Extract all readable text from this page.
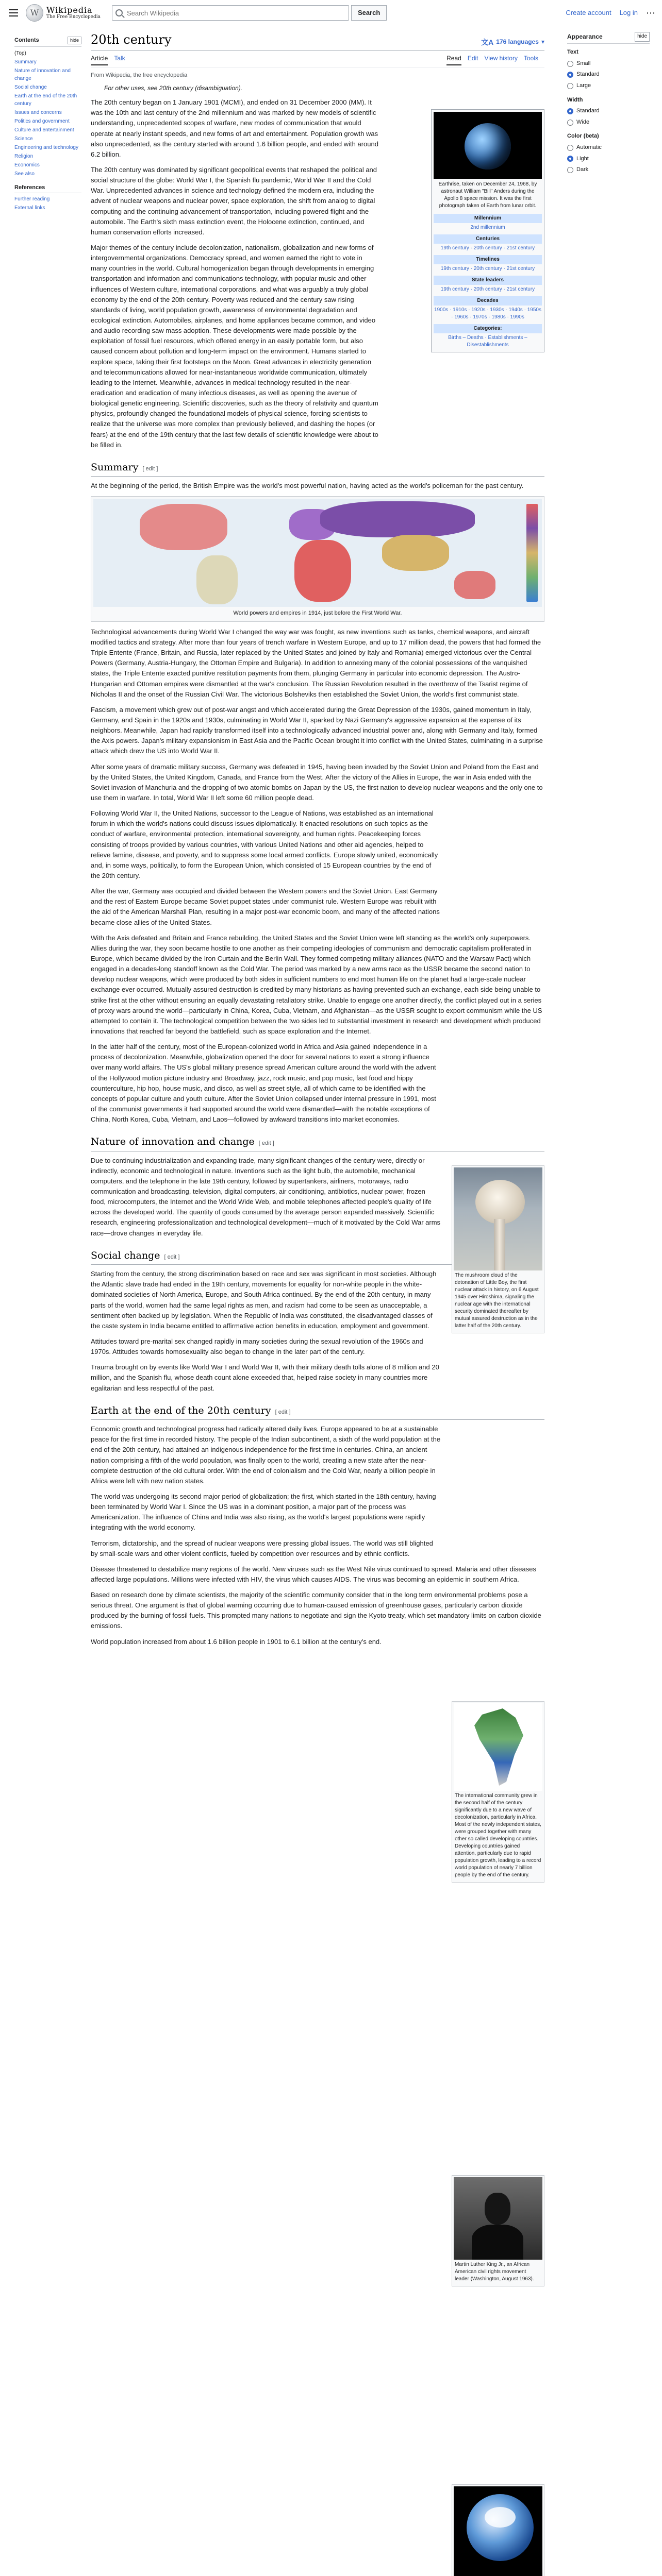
W Wikipedia
The Free Encyclopedia
Search Wikipedia
Search	Create account Log in ⋯
Contents	hide
(Top)
Summary
Nature of innovation and change
Social change
Earth at the end of the 20th century
Issues and concerns
Politics and government
Culture and entertainment
Science
Engineering and technology
Religion
Economics
See also
References
Further reading
External links
Appearance	hide
Text
Small
Standard
Large
Width
Standard
Wide
Color (beta)
Automatic
Light
Dark
20th century	文A 176 languages ▾
Article Talk	Read Edit View history Tools
From Wikipedia, the free encyclopedia
For other uses, see 20th century (disambiguation).

The 20th century began on 1 January 1901 (MCMI), and ended on 31 December 2000 (MM). It was the 10th and last century of the 2nd millennium and was marked by new models of scientific understanding, unprecedented scopes of warfare, new modes of communication that would operate at nearly instant speeds, and new forms of art and entertainment. Population growth was also unprecedented, as the century started with around 1.6 billion people, and ended with around 6.2 billion.

The 20th century was dominated by significant geopolitical events that reshaped the political and social structure of the globe: World War I, the Spanish flu pandemic, World War II and the Cold War. Unprecedented advances in science and technology defined the modern era, including the advent of nuclear weapons and nuclear power, space exploration, the shift from analog to digital computing and the continuing advancement of transportation, including powered flight and the automobile. The Earth's sixth mass extinction event, the Holocene extinction, continued, and human conservation efforts increased.

Major themes of the century include decolonization, nationalism, globalization and new forms of intergovernmental organizations. Democracy spread, and women earned the right to vote in many countries in the world. Cultural homogenization began through developments in emerging transportation and information and communications technology, with popular music and other influences of Western culture, international corporations, and what was arguably a truly global economy by the end of the 20th century. Poverty was reduced and the century saw rising standards of living, world population growth, awareness of environmental degradation and ecological extinction. Automobiles, airplanes, and home appliances became common, and video and audio recording saw mass adoption. These developments were made possible by the exploitation of fossil fuel resources, which offered energy in an easily portable form, but also caused concern about pollution and long-term impact on the environment. Humans started to explore space, taking their first footsteps on the Moon. Great advances in electricity generation and telecommunications allowed for near-instantaneous worldwide communication, ultimately leading to the Internet. Meanwhile, advances in medical technology resulted in the near-eradication and eradication of many infectious diseases, as well as opening the avenue of biological genetic engineering. Scientific discoveries, such as the theory of relativity and quantum physics, profoundly changed the foundational models of physical science, forcing scientists to realize that the universe was more complex than previously believed, and dashing the hopes (or fears) at the end of the 19th century that the last few details of scientific knowledge were about to be filled in.

Earthrise, taken on December 24, 1968, by astronaut William "Bill" Anders during the Apollo 8 space mission. It was the first photograph taken of Earth from lunar orbit.
Millennium
2nd millennium
Centuries
19th century · 20th century · 21st century
Timelines
19th century · 20th century · 21st century
State leaders
19th century · 20th century · 21st century
Decades
1900s · 1910s · 1920s · 1930s · 1940s · 1950s · 1960s · 1970s · 1980s · 1990s
Categories:
Births – Deaths · Establishments – Disestablishments
Summary [ edit ]

At the beginning of the period, the British Empire was the world's most powerful nation, having acted as the world's policeman for the past century.

World powers and empires in 1914, just before the First World War.

Technological advancements during World War I changed the way war was fought, as new inventions such as tanks, chemical weapons, and aircraft modified tactics and strategy. After more than four years of trench warfare in Western Europe, and up to 17 million dead, the powers that had formed the Triple Entente (France, Britain, and Russia, later replaced by the United States and joined by Italy and Romania) emerged victorious over the Central Powers (Germany, Austria-Hungary, the Ottoman Empire and Bulgaria). In addition to annexing many of the colonial possessions of the vanquished states, the Triple Entente exacted punitive restitution payments from them, plunging Germany in particular into economic depression. The Austro-Hungarian and Ottoman empires were dismantled at the war's conclusion. The Russian Revolution resulted in the overthrow of the Tsarist regime of Nicholas II and the onset of the Russian Civil War. The victorious Bolsheviks then established the Soviet Union, the world's first communist state.

Fascism, a movement which grew out of post-war angst and which accelerated during the Great Depression of the 1930s, gained momentum in Italy, Germany, and Spain in the 1920s and 1930s, culminating in World War II, sparked by Nazi Germany's aggressive expansion at the expense of its neighbors. Meanwhile, Japan had rapidly transformed itself into a technologically advanced industrial power and, along with Germany and Italy, formed the Axis powers. Japan's military expansionism in East Asia and the Pacific Ocean brought it into conflict with the United States, culminating in a surprise attack which drew the US into World War II.

After some years of dramatic military success, Germany was defeated in 1945, having been invaded by the Soviet Union and Poland from the East and by the United States, the United Kingdom, Canada, and France from the West. After the victory of the Allies in Europe, the war in Asia ended with the Soviet invasion of Manchuria and the dropping of two atomic bombs on Japan by the US, the first nation to develop nuclear weapons and the only one to use them in warfare. In total, World War II left some 60 million people dead.

Following World War II, the United Nations, successor to the League of Nations, was established as an international forum in which the world's nations could discuss issues diplomatically. It enacted resolutions on such topics as the conduct of warfare, environmental protection, international sovereignty, and human rights. Peacekeeping forces consisting of troops provided by various countries, with various United Nations and other aid agencies, helped to relieve famine, disease, and poverty, and to suppress some local armed conflicts. Europe slowly united, economically and, in some ways, politically, to form the European Union, which consisted of 15 European countries by the end of the 20th century.

After the war, Germany was occupied and divided between the Western powers and the Soviet Union. East Germany and the rest of Eastern Europe became Soviet puppet states under communist rule. Western Europe was rebuilt with the aid of the American Marshall Plan, resulting in a major post-war economic boom, and many of the affected nations became close allies of the United States.

With the Axis defeated and Britain and France rebuilding, the United States and the Soviet Union were left standing as the world's only superpowers. Allies during the war, they soon became hostile to one another as their competing ideologies of communism and democratic capitalism proliferated in Europe, which became divided by the Iron Curtain and the Berlin Wall. They formed competing military alliances (NATO and the Warsaw Pact) which engaged in a decades-long standoff known as the Cold War. The period was marked by a new arms race as the USSR became the second nation to develop nuclear weapons, which were produced by both sides in sufficient numbers to end most human life on the planet had a large-scale nuclear exchange ever occurred. Mutually assured destruction is credited by many historians as having prevented such an exchange, each side being unable to strike first at the other without ensuring an equally devastating retaliatory strike. Unable to engage one another directly, the conflict played out in a series of proxy wars around the world—particularly in China, Korea, Cuba, Vietnam, and Afghanistan—as the USSR sought to export communism while the US attempted to contain it. The technological competition between the two sides led to substantial investment in research and development which produced innovations that reached far beyond the battlefield, such as space exploration and the Internet.

In the latter half of the century, most of the European-colonized world in Africa and Asia gained independence in a process of decolonization. Meanwhile, globalization opened the door for several nations to exert a strong influence over many world affairs. The US's global military presence spread American culture around the world with the advent of the Hollywood motion picture industry and Broadway, jazz, rock music, and pop music, fast food and hippy counterculture, hip hop, house music, and disco, as well as street style, all of which came to be identified with the concepts of popular culture and youth culture. After the Soviet Union collapsed under internal pressure in 1991, most of the communist governments it had supported around the world were dismantled—with the notable exceptions of China, North Korea, Cuba, Vietnam, and Laos—followed by awkward transitions into market economies.

The mushroom cloud of the detonation of Little Boy, the first nuclear attack in history, on 6 August 1945 over Hiroshima, signaling the nuclear age with the international security dominated thereafter by mutual assured destruction as in the latter half of the 20th century.
The international community grew in the second half of the century significantly due to a new wave of decolonization, particularly in Africa. Most of the newly independent states, were grouped together with many other so called developing countries. Developing countries gained attention, particularly due to rapid population growth, leading to a record world population of nearly 7 billion people by the end of the century.
Nature of innovation and change [ edit ]

Due to continuing industrialization and expanding trade, many significant changes of the century were, directly or indirectly, economic and technological in nature. Inventions such as the light bulb, the automobile, mechanical computers, and the telephone in the late 19th century, followed by supertankers, airliners, motorways, radio communication and broadcasting, television, digital computers, air conditioning, antibiotics, nuclear power, frozen food, microcomputers, the Internet and the World Wide Web, and mobile telephones affected people's quality of life across the developed world. The quantity of goods consumed by the average person expanded massively. Scientific research, engineering professionalization and technological development—much of it motivated by the Cold War arms race—drove changes in everyday life.

Social change [ edit ]

Starting from the century, the strong discrimination based on race and sex was significant in most societies. Although the Atlantic slave trade had ended in the 19th century, movements for equality for non-white people in the white-dominated societies of North America, Europe, and South Africa continued. By the end of the 20th century, in many parts of the world, women had the same legal rights as men, and racism had come to be seen as unacceptable, a sentiment often backed up by legislation. When the Republic of India was constituted, the disadvantaged classes of the caste system in India became entitled to affirmative action benefits in education, employment and government.

Attitudes toward pre-marital sex changed rapidly in many societies during the sexual revolution of the 1960s and 1970s. Attitudes towards homosexuality also began to change in the later part of the century.

Trauma brought on by events like World War I and World War II, with their military death tolls alone of 8 million and 20 million, and the Spanish flu, whose death count alone exceeded that, helped raise society in many countries more egalitarian and less respectful of the past.

Martin Luther King Jr., an African American civil rights movement leader (Washington, August 1963).
Earth at the end of the 20th century [ edit ]

Economic growth and technological progress had radically altered daily lives. Europe appeared to be at a sustainable peace for the first time in recorded history. The people of the Indian subcontinent, a sixth of the world population at the end of the 20th century, had attained an indigenous independence for the first time in centuries. China, an ancient nation comprising a fifth of the world population, was finally open to the world, creating a new state after the near-complete destruction of the old cultural order. With the end of colonialism and the Cold War, nearly a billion people in Africa were left with new nation states.

The world was undergoing its second major period of globalization; the first, which started in the 18th century, having been terminated by World War I. Since the US was in a dominant position, a major part of the process was Americanization. The influence of China and India was also rising, as the world's largest populations were rapidly integrating with the world economy.

Terrorism, dictatorship, and the spread of nuclear weapons were pressing global issues. The world was still blighted by small-scale wars and other violent conflicts, fueled by competition over resources and by ethnic conflicts.

Disease threatened to destabilize many regions of the world. New viruses such as the West Nile virus continued to spread. Malaria and other diseases affected large populations. Millions were infected with HIV, the virus which causes AIDS. The virus was becoming an epidemic in southern Africa.

Based on research done by climate scientists, the majority of the scientific community consider that in the long term environmental problems pose a serious threat. One argument is that of global warming occurring due to human-caused emission of greenhouse gases, particularly carbon dioxide produced by the burning of fossil fuels. This prompted many nations to negotiate and sign the Kyoto treaty, which set mandatory limits on carbon dioxide emissions.

World population increased from about 1.6 billion people in 1901 to 6.1 billion at the century's end.
